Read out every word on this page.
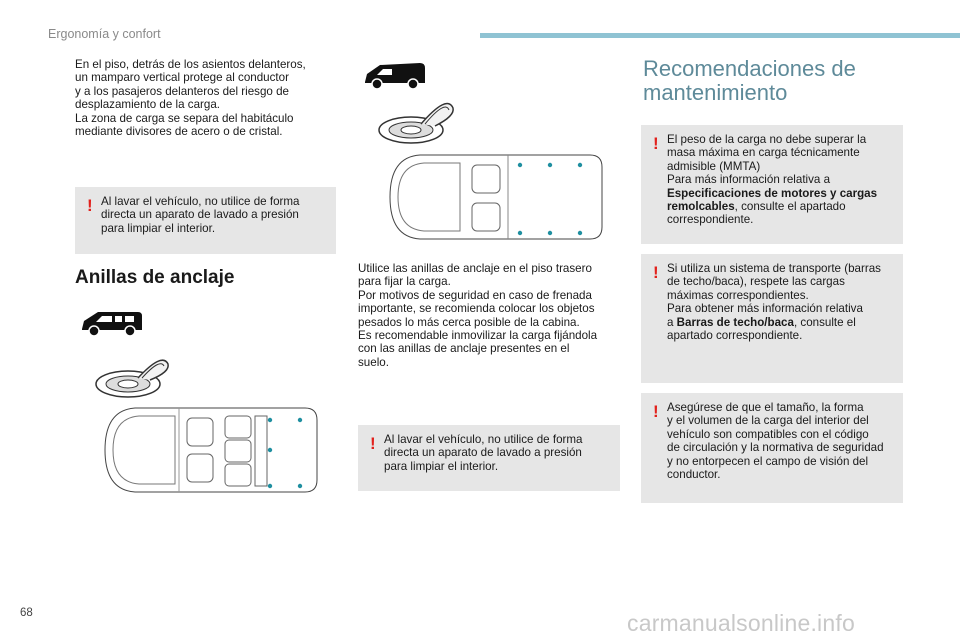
Ergonomía y confort

En el piso, detrás de los asientos delanteros,

un mamparo vertical protege al conductor

y a los pasajeros delanteros del riesgo de

desplazamiento de la carga.

La zona de carga se separa del habitáculo

mediante divisores de acero o de cristal.

! Al lavar el vehículo, no utilice de forma

directa un aparato de lavado a presión

para limpiar el interior.

Anillas de anclaje	Utilice las anillas de anclaje en el piso trasero

para fijar la carga.

Por motivos de seguridad en caso de frenada

importante, se recomienda colocar los objetos

pesados lo más cerca posible de la cabina.

Es recomendable inmovilizar la carga fijándola

con las anillas de anclaje presentes en el

suelo.

! Al lavar el vehículo, no utilice de forma

directa un aparato de lavado a presión

para limpiar el interior.

Recomendaciones de
mantenimiento
! El peso de la carga no debe superar la

masa máxima en carga técnicamente

admisible (MMTA)

Para más información relativa a

Especificaciones de motores y cargas remolcables, consulte el apartado

correspondiente.

! Si utiliza un sistema de transporte (barras

de techo/baca), respete las cargas

máximas correspondientes.

Para obtener más información relativa

a Barras de techo/baca, consulte el

apartado correspondiente.

! Asegúrese de que el tamaño, la forma

y el volumen de la carga del interior del

vehículo son compatibles con el código

de circulación y la normativa de seguridad

y no entorpecen el campo de visión del

conductor.

68	carmanualsonline.info
